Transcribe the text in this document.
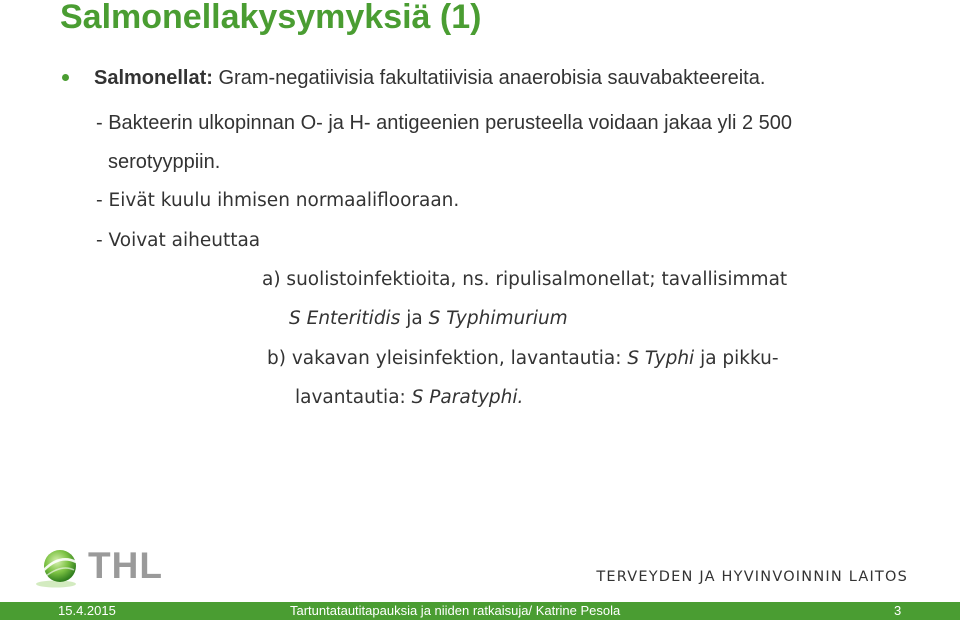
Salmonellakysymyksiä (1)
Salmonellat: Gram-negatiivisia fakultatiivisia anaerobisia sauvabakteereita.
- Bakteerin ulkopinnan O- ja H- antigeenien perusteella voidaan jakaa yli 2 500
serotyyppiin.
- Eivät kuulu ihmisen normaaliflooraan.
- Voivat aiheuttaa
a) suolistoinfektioita, ns. ripulisalmonellat; tavallisimmat
S Enteritidis ja S Typhimurium
b) vakavan yleisinfektion, lavantautia: S Typhi ja pikku-
lavantautia: S Paratyphi.
THL	TERVEYDEN JA HYVINVOINNIN LAITOS
15.4.2015	Tartuntatautitapauksia ja niiden ratkaisuja/ Katrine Pesola	3
